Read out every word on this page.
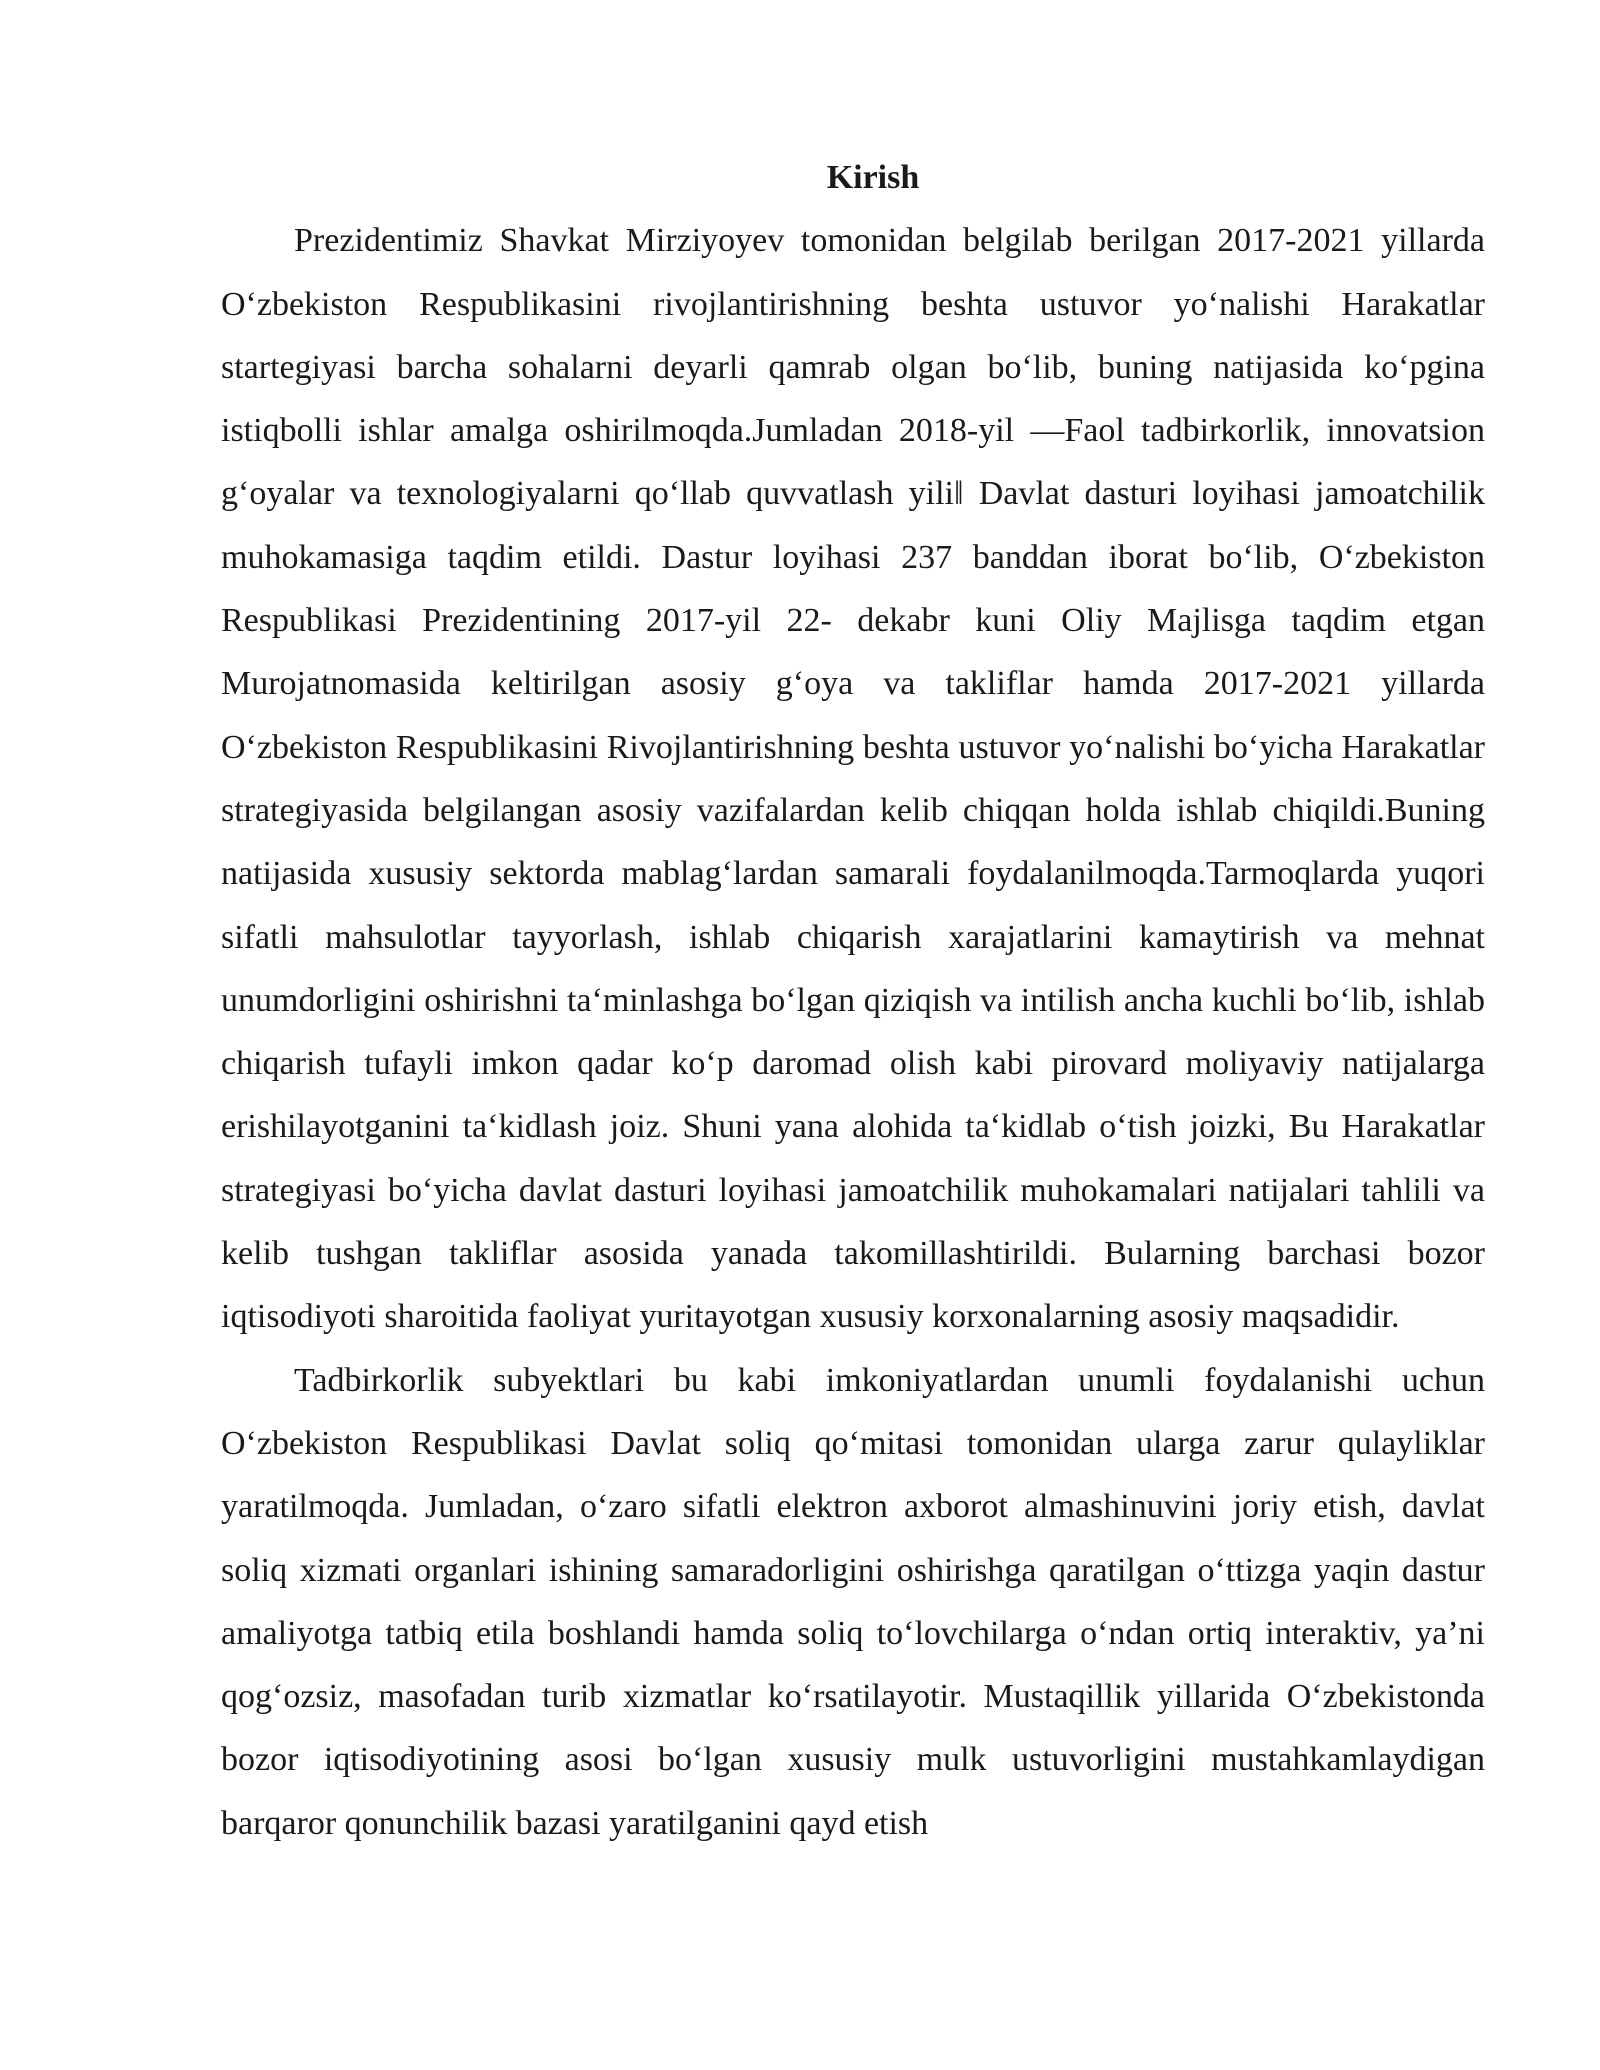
Kirish

Prezidentimiz Shavkat Mirziyoyev tomonidan belgilab berilgan 2017-2021 yillarda O‘zbekiston Respublikasini rivojlantirishning beshta ustuvor yo‘nalishi Harakatlar startegiyasi barcha sohalarni deyarli qamrab olgan bo‘lib, buning natijasida ko‘pgina istiqbolli ishlar amalga oshirilmoqda.Jumladan 2018-yil ―Faol tadbirkorlik, innovatsion g‘oyalar va texnologiyalarni qo‘llab quvvatlash yili‖ Davlat dasturi loyihasi jamoatchilik muhokamasiga taqdim etildi. Dastur loyihasi 237 banddan iborat bo‘lib, O‘zbekiston Respublikasi Prezidentining 2017-yil 22- dekabr kuni Oliy Majlisga taqdim etgan Murojatnomasida keltirilgan asosiy g‘oya va takliflar hamda 2017-2021 yillarda O‘zbekiston Respublikasini Rivojlantirishning beshta ustuvor yo‘nalishi bo‘yicha Harakatlar strategiyasida belgilangan asosiy vazifalardan kelib chiqqan holda ishlab chiqildi.Buning natijasida xususiy sektorda mablag‘lardan samarali foydalanilmoqda.Tarmoqlarda yuqori sifatli mahsulotlar tayyorlash, ishlab chiqarish xarajatlarini kamaytirish va mehnat unumdorligini oshirishni ta‘minlashga bo‘lgan qiziqish va intilish ancha kuchli bo‘lib, ishlab chiqarish tufayli imkon qadar ko‘p daromad olish kabi pirovard moliyaviy natijalarga erishilayotganini ta‘kidlash joiz. Shuni yana alohida ta‘kidlab o‘tish joizki, Bu Harakatlar strategiyasi bo‘yicha davlat dasturi loyihasi jamoatchilik muhokamalari natijalari tahlili va kelib tushgan takliflar asosida yanada takomillashtirildi. Bularning barchasi bozor iqtisodiyoti sharoitida faoliyat yuritayotgan xususiy korxonalarning asosiy maqsadidir.

Tadbirkorlik subyektlari bu kabi imkoniyatlardan unumli foydalanishi uchun O‘zbekiston Respublikasi Davlat soliq qo‘mitasi tomonidan ularga zarur qulayliklar yaratilmoqda. Jumladan, o‘zaro sifatli elektron axborot almashinuvini joriy etish, davlat soliq xizmati organlari ishining samaradorligini oshirishga qaratilgan o‘ttizga yaqin dastur amaliyotga tatbiq etila boshlandi hamda soliq to‘lovchilarga o‘ndan ortiq interaktiv, ya’ni qog‘ozsiz, masofadan turib xizmatlar ko‘rsatilayotir. Mustaqillik yillarida O‘zbekistonda bozor iqtisodiyotining asosi bo‘lgan xususiy mulk ustuvorligini mustahkamlaydigan barqaror qonunchilik bazasi yaratilganini qayd etish
